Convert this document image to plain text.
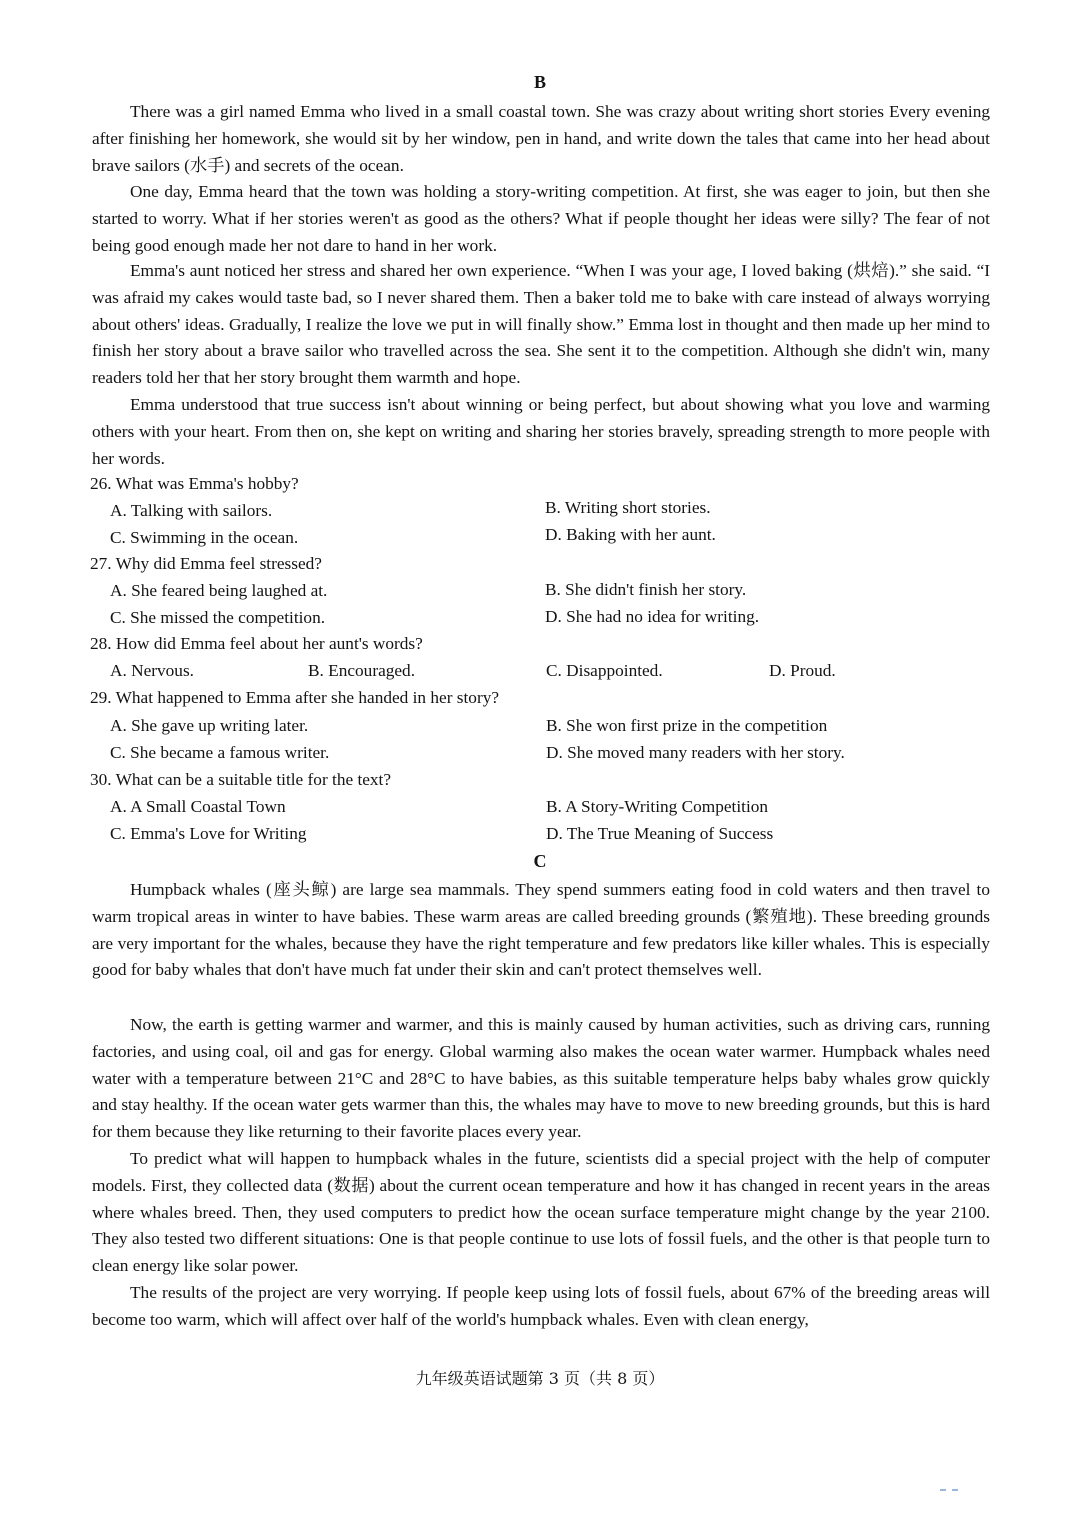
B

There was a girl named Emma who lived in a small coastal town. She was crazy about writing short stories Every evening after finishing her homework, she would sit by her window, pen in hand, and write down the tales that came into her head about brave sailors (水手) and secrets of the ocean.

One day, Emma heard that the town was holding a story-writing competition. At first, she was eager to join, but then she started to worry. What if her stories weren't as good as the others? What if people thought her ideas were silly? The fear of not being good enough made her not dare to hand in her work.

Emma's aunt noticed her stress and shared her own experience. “When I was your age, I loved baking (烘焙).” she said. “I was afraid my cakes would taste bad, so I never shared them. Then a baker told me to bake with care instead of always worrying about others' ideas. Gradually, I realize the love we put in will finally show.” Emma lost in thought and then made up her mind to finish her story about a brave sailor who travelled across the sea. She sent it to the competition. Although she didn't win, many readers told her that her story brought them warmth and hope.

Emma understood that true success isn't about winning or being perfect, but about showing what you love and warming others with your heart. From then on, she kept on writing and sharing her stories bravely, spreading strength to more people with her words.

26. What was Emma's hobby?
A. Talking with sailors.	B. Writing short stories.
C. Swimming in the ocean.	D. Baking with her aunt.
27. Why did Emma feel stressed?
A. She feared being laughed at.	B. She didn't finish her story.
C. She missed the competition.	D. She had no idea for writing.
28. How did Emma feel about her aunt's words?
A. Nervous.	B. Encouraged.	C. Disappointed.	D. Proud.
29. What happened to Emma after she handed in her story?
A. She gave up writing later.	B. She won first prize in the competition
C. She became a famous writer.	D. She moved many readers with her story.
30. What can be a suitable title for the text?
A. A Small Coastal Town	B. A Story-Writing Competition
C. Emma's Love for Writing	D. The True Meaning of Success
C

Humpback whales (座头鲸) are large sea mammals. They spend summers eating food in cold waters and then travel to warm tropical areas in winter to have babies. These warm areas are called breeding grounds (繁殖地). These breeding grounds are very important for the whales, because they have the right temperature and few predators like killer whales. This is especially good for baby whales that don't have much fat under their skin and can't protect themselves well.

Now, the earth is getting warmer and warmer, and this is mainly caused by human activities, such as driving cars, running factories, and using coal, oil and gas for energy. Global warming also makes the ocean water warmer. Humpback whales need water with a temperature between 21°C and 28°C to have babies, as this suitable temperature helps baby whales grow quickly and stay healthy. If the ocean water gets warmer than this, the whales may have to move to new breeding grounds, but this is hard for them because they like returning to their favorite places every year.

To predict what will happen to humpback whales in the future, scientists did a special project with the help of computer models. First, they collected data (数据) about the current ocean temperature and how it has changed in recent years in the areas where whales breed. Then, they used computers to predict how the ocean surface temperature might change by the year 2100. They also tested two different situations: One is that people continue to use lots of fossil fuels, and the other is that people turn to clean energy like solar power.

The results of the project are very worrying. If people keep using lots of fossil fuels, about 67% of the breeding areas will become too warm, which will affect over half of the world's humpback whales. Even with clean energy,

九年级英语试题第 3 页（共 8 页）
